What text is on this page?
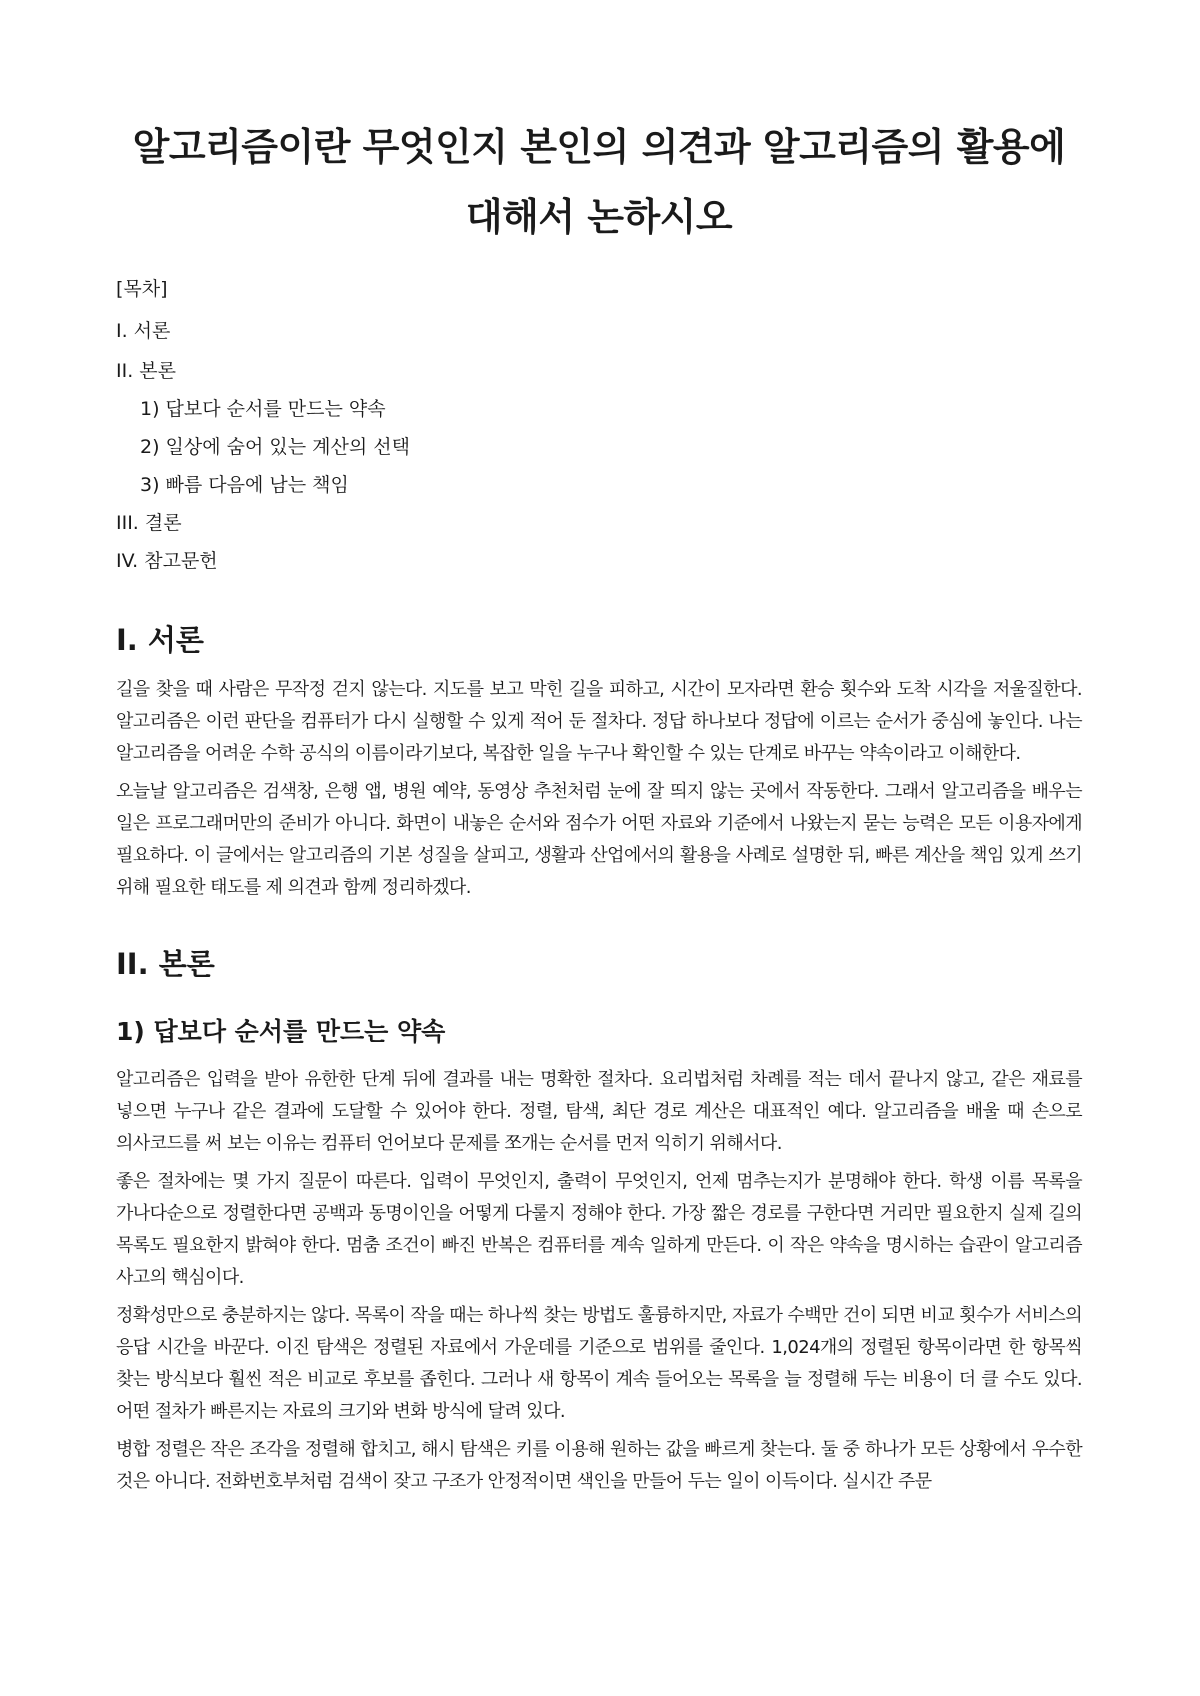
알고리즘이란 무엇인지 본인의 의견과 알고리즘의 활용에 대해서 논하시오
[목차]
I. 서론
II. 본론
1) 답보다 순서를 만드는 약속
2) 일상에 숨어 있는 계산의 선택
3) 빠름 다음에 남는 책임
III. 결론
IV. 참고문헌
I. 서론

길을 찾을 때 사람은 무작정 걷지 않는다. 지도를 보고 막힌 길을 피하고, 시간이 모자라면 환승 횟수와 도착 시각을 저울질한다. 알고리즘은 이런 판단을 컴퓨터가 다시 실행할 수 있게 적어 둔 절차다. 정답 하나보다 정답에 이르는 순서가 중심에 놓인다. 나는 알고리즘을 어려운 수학 공식의 이름이라기보다, 복잡한 일을 누구나 확인할 수 있는 단계로 바꾸는 약속이라고 이해한다.

오늘날 알고리즘은 검색창, 은행 앱, 병원 예약, 동영상 추천처럼 눈에 잘 띄지 않는 곳에서 작동한다. 그래서 알고리즘을 배우는 일은 프로그래머만의 준비가 아니다. 화면이 내놓은 순서와 점수가 어떤 자료와 기준에서 나왔는지 묻는 능력은 모든 이용자에게 필요하다. 이 글에서는 알고리즘의 기본 성질을 살피고, 생활과 산업에서의 활용을 사례로 설명한 뒤, 빠른 계산을 책임 있게 쓰기 위해 필요한 태도를 제 의견과 함께 정리하겠다.

II. 본론
1) 답보다 순서를 만드는 약속

알고리즘은 입력을 받아 유한한 단계 뒤에 결과를 내는 명확한 절차다. 요리법처럼 차례를 적는 데서 끝나지 않고, 같은 재료를 넣으면 누구나 같은 결과에 도달할 수 있어야 한다. 정렬, 탐색, 최단 경로 계산은 대표적인 예다. 알고리즘을 배울 때 손으로 의사코드를 써 보는 이유는 컴퓨터 언어보다 문제를 쪼개는 순서를 먼저 익히기 위해서다.

좋은 절차에는 몇 가지 질문이 따른다. 입력이 무엇인지, 출력이 무엇인지, 언제 멈추는지가 분명해야 한다. 학생 이름 목록을 가나다순으로 정렬한다면 공백과 동명이인을 어떻게 다룰지 정해야 한다. 가장 짧은 경로를 구한다면 거리만 필요한지 실제 길의 목록도 필요한지 밝혀야 한다. 멈춤 조건이 빠진 반복은 컴퓨터를 계속 일하게 만든다. 이 작은 약속을 명시하는 습관이 알고리즘 사고의 핵심이다.

정확성만으로 충분하지는 않다. 목록이 작을 때는 하나씩 찾는 방법도 훌륭하지만, 자료가 수백만 건이 되면 비교 횟수가 서비스의 응답 시간을 바꾼다. 이진 탐색은 정렬된 자료에서 가운데를 기준으로 범위를 줄인다. 1,024개의 정렬된 항목이라면 한 항목씩 찾는 방식보다 훨씬 적은 비교로 후보를 좁힌다. 그러나 새 항목이 계속 들어오는 목록을 늘 정렬해 두는 비용이 더 클 수도 있다. 어떤 절차가 빠른지는 자료의 크기와 변화 방식에 달려 있다.

병합 정렬은 작은 조각을 정렬해 합치고, 해시 탐색은 키를 이용해 원하는 값을 빠르게 찾는다. 둘 중 하나가 모든 상황에서 우수한 것은 아니다. 전화번호부처럼 검색이 잦고 구조가 안정적이면 색인을 만들어 두는 일이 이득이다. 실시간 주문
